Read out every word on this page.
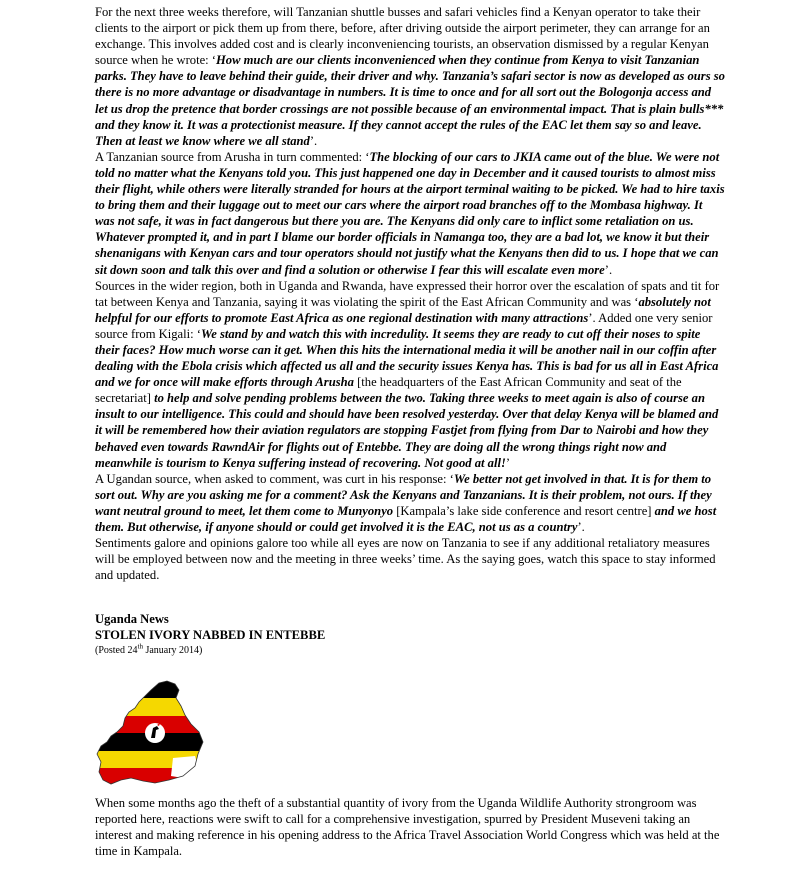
For the next three weeks therefore, will Tanzanian shuttle busses and safari vehicles find a Kenyan operator to take their clients to the airport or pick them up from there, before, after driving outside the airport perimeter, they can arrange for an exchange. This involves added cost and is clearly inconveniencing tourists, an observation dismissed by a regular Kenyan source when he wrote: ‘How much are our clients inconvenienced when they continue from Kenya to visit Tanzanian parks. They have to leave behind their guide, their driver and why. Tanzania’s safari sector is now as developed as ours so there is no more advantage or disadvantage in numbers. It is time to once and for all sort out the Bologonja access and let us drop the pretence that border crossings are not possible because of an environmental impact. That is plain bulls*** and they know it. It was a protectionist measure. If they cannot accept the rules of the EAC let them say so and leave. Then at least we know where we all stand’.

A Tanzanian source from Arusha in turn commented: ‘The blocking of our cars to JKIA came out of the blue. We were not told no matter what the Kenyans told you. This just happened one day in December and it caused tourists to almost miss their flight, while others were literally stranded for hours at the airport terminal waiting to be picked. We had to hire taxis to bring them and their luggage out to meet our cars where the airport road branches off to the Mombasa highway. It was not safe, it was in fact dangerous but there you are. The Kenyans did only care to inflict some retaliation on us. Whatever prompted it, and in part I blame our border officials in Namanga too, they are a bad lot, we know it but their shenanigans with Kenyan cars and tour operators should not justify what the Kenyans then did to us. I hope that we can sit down soon and talk this over and find a solution or otherwise I fear this will escalate even more’.

Sources in the wider region, both in Uganda and Rwanda, have expressed their horror over the escalation of spats and tit for tat between Kenya and Tanzania, saying it was violating the spirit of the East African Community and was ‘absolutely not helpful for our efforts to promote East Africa as one regional destination with many attractions’. Added one very senior source from Kigali: ‘We stand by and watch this with incredulity. It seems they are ready to cut off their noses to spite their faces? How much worse can it get. When this hits the international media it will be another nail in our coffin after dealing with the Ebola crisis which affected us all and the security issues Kenya has. This is bad for us all in East Africa and we for once will make efforts through Arusha [the headquarters of the East African Community and seat of the secretariat] to help and solve pending problems between the two. Taking three weeks to meet again is also of course an insult to our intelligence. This could and should have been resolved yesterday. Over that delay Kenya will be blamed and it will be remembered how their aviation regulators are stopping Fastjet from flying from Dar to Nairobi and how they behaved even towards RawndAir for flights out of Entebbe. They are doing all the wrong things right now and meanwhile is tourism to Kenya suffering instead of recovering. Not good at all!’

A Ugandan source, when asked to comment, was curt in his response: ‘We better not get involved in that. It is for them to sort out. Why are you asking me for a comment? Ask the Kenyans and Tanzanians. It is their problem, not ours. If they want neutral ground to meet, let them come to Munyonyo [Kampala’s lake side conference and resort centre] and we host them. But otherwise, if anyone should or could get involved it is the EAC, not us as a country’.

Sentiments galore and opinions galore too while all eyes are now on Tanzania to see if any additional retaliatory measures will be employed between now and the meeting in three weeks’ time. As the saying goes, watch this space to stay informed and updated.

Uganda News

STOLEN IVORY NABBED IN ENTEBBE

(Posted 24th January 2014)

When some months ago the theft of a substantial quantity of ivory from the Uganda Wildlife Authority strongroom was reported here, reactions were swift to call for a comprehensive investigation, spurred by President Museveni taking an interest and making reference in his opening address to the Africa Travel Association World Congress which was held at the time in Kampala.
